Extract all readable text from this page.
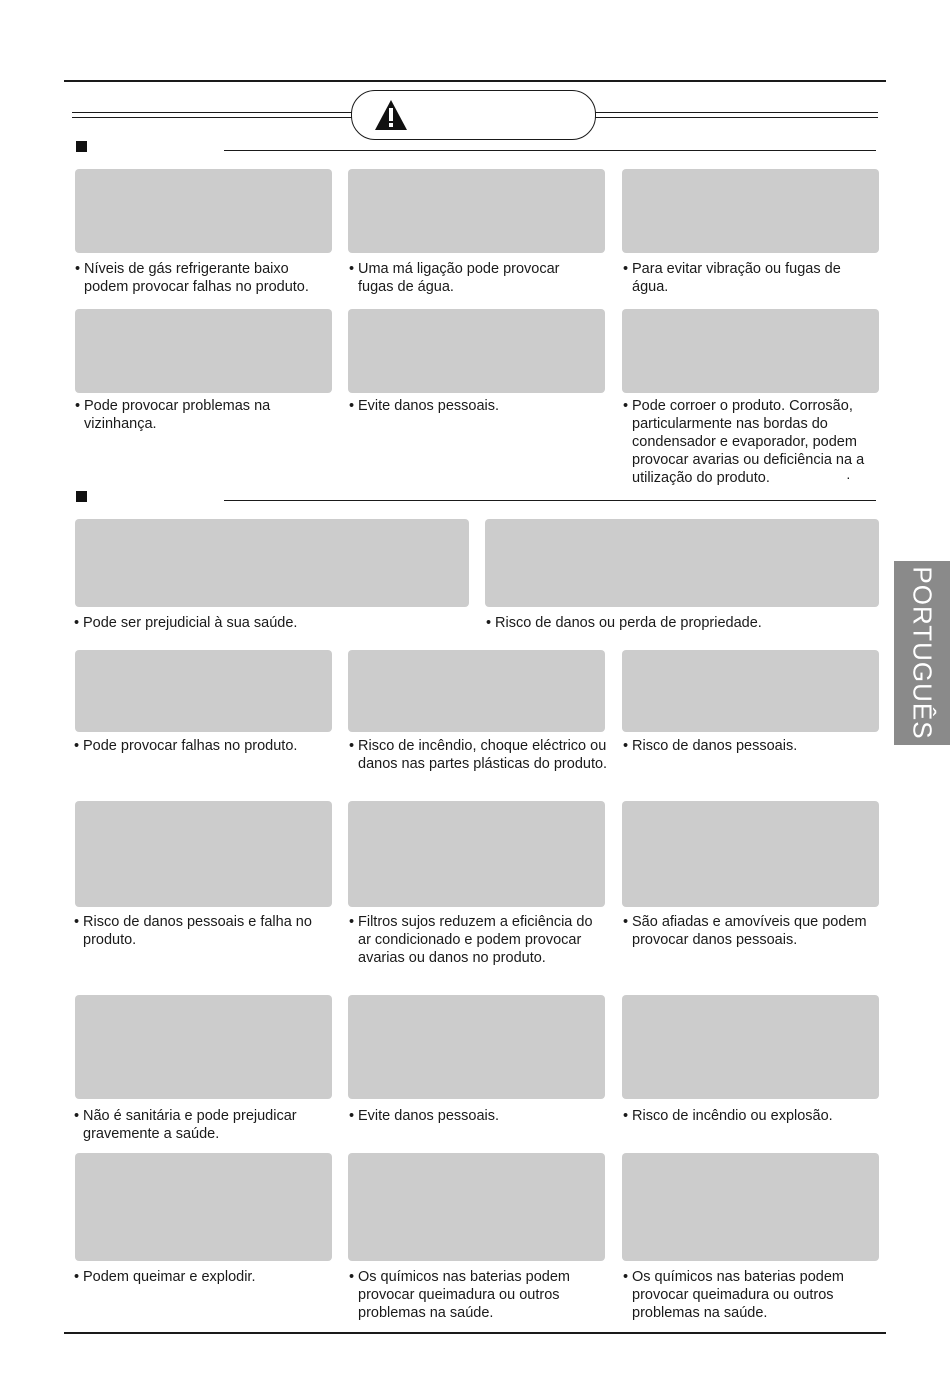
• Níveis de gás refrigerante baixo podem provocar falhas no produto.
• Uma má ligação pode provocar fugas de água.
• Para evitar vibração ou fugas de água.
• Pode provocar problemas na vizinhança.
• Evite danos pessoais.	• Pode corroer o produto. Corrosão, particularmente nas bordas do condensador e evaporador, podem provocar avarias ou deficiência na a utilização do produto.	·
• Pode ser prejudicial à sua saúde.	• Risco de danos ou perda de propriedade.
• Pode provocar falhas no produto.	• Risco de incêndio, choque eléctrico ou danos nas partes plásticas do produto.
• Risco de danos pessoais.
• Risco de danos pessoais e falha no produto.
• Filtros sujos reduzem a eficiência do ar condicionado e podem provocar avarias ou danos no produto.
• São afiadas e amovíveis que podem provocar danos pessoais.
• Não é sanitária e pode prejudicar gravemente a saúde.
• Evite danos pessoais.	• Risco de incêndio ou explosão.
• Podem queimar e explodir.	• Os químicos nas baterias podem provocar queimadura ou outros problemas na saúde.
• Os químicos nas baterias podem provocar queimadura ou outros problemas na saúde.
PORTUGUÊS
